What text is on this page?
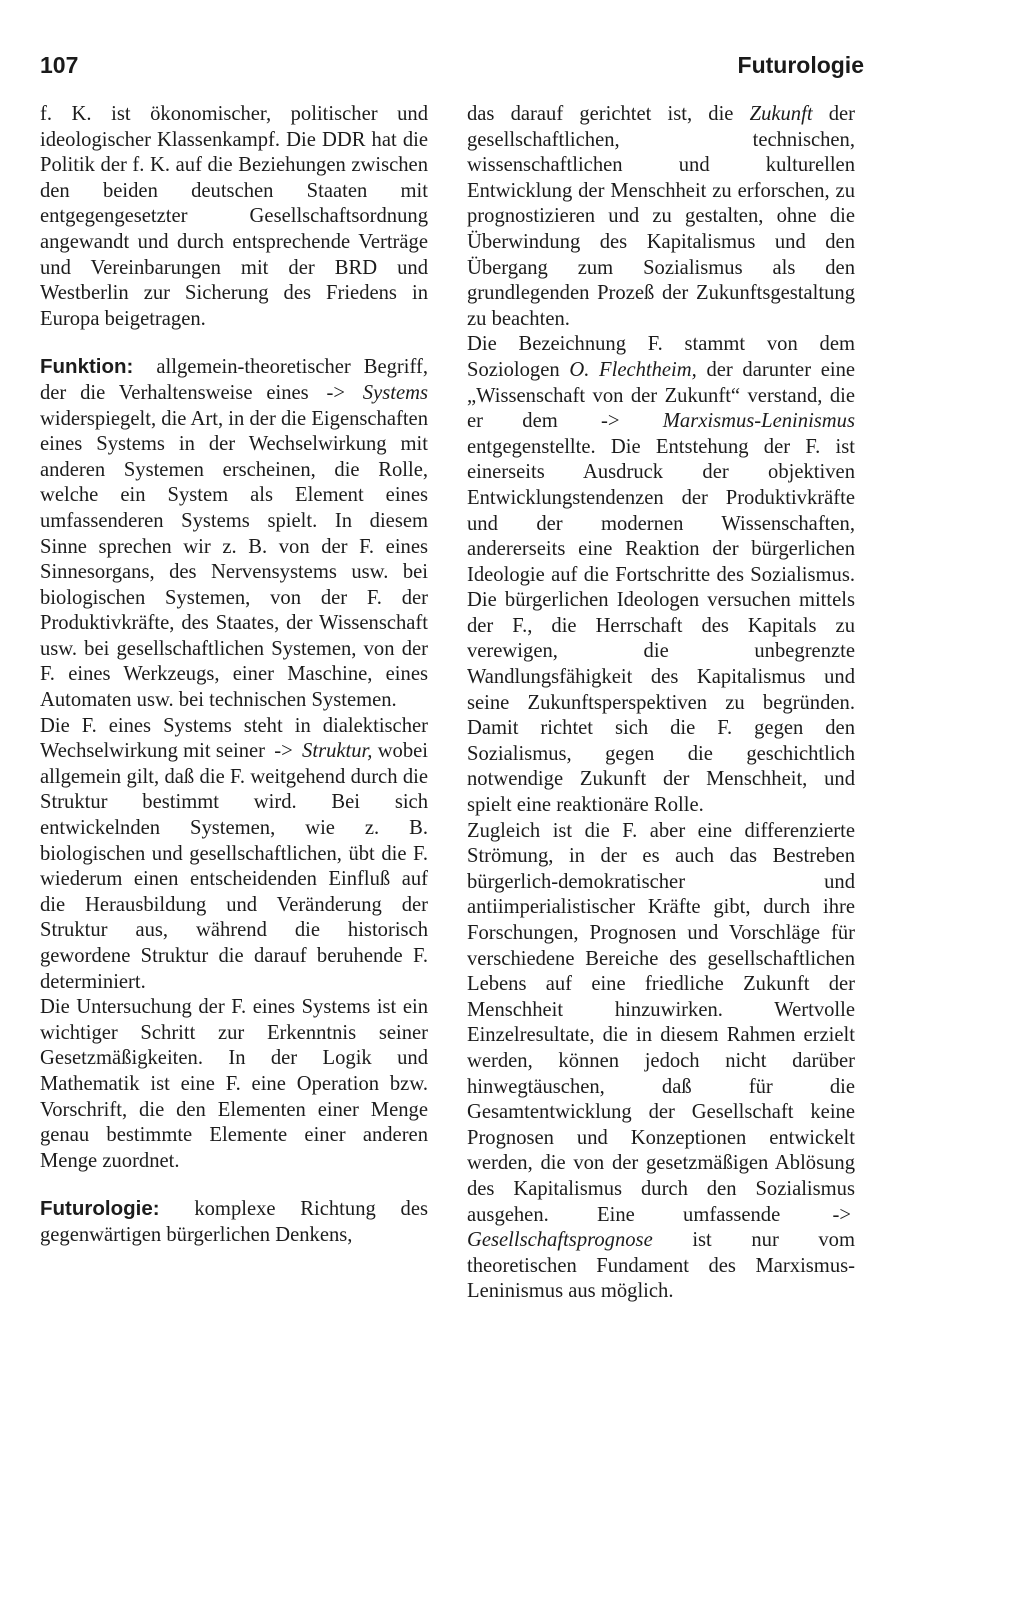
107	Futurologie

f. K. ist ökonomischer, politischer und ideologischer Klassenkampf. Die DDR hat die Politik der f. K. auf die Beziehungen zwischen den beiden deutschen Staaten mit entgegengesetzter Gesellschaftsordnung angewandt und durch entsprechende Verträge und Vereinbarungen mit der BRD und Westberlin zur Sicherung des Friedens in Europa beigetragen.

Funktion: allgemein-theoretischer Begriff, der die Verhaltensweise eines -> Systems widerspiegelt, die Art, in der die Eigenschaften eines Systems in der Wechselwirkung mit anderen Systemen erscheinen, die Rolle, welche ein System als Element eines umfassenderen Systems spielt. In diesem Sinne sprechen wir z. B. von der F. eines Sinnesorgans, des Nervensystems usw. bei biologischen Systemen, von der F. der Produktivkräfte, des Staates, der Wissenschaft usw. bei gesellschaftlichen Systemen, von der F. eines Werkzeugs, einer Maschine, eines Automaten usw. bei technischen Systemen.

Die F. eines Systems steht in dialektischer Wechselwirkung mit seiner -> Struktur, wobei allgemein gilt, daß die F. weitgehend durch die Struktur bestimmt wird. Bei sich entwickelnden Systemen, wie z. B. biologischen und gesellschaftlichen, übt die F. wiederum einen entscheidenden Einfluß auf die Herausbildung und Veränderung der Struktur aus, während die historisch gewordene Struktur die darauf beruhende F. determiniert.

Die Untersuchung der F. eines Systems ist ein wichtiger Schritt zur Erkenntnis seiner Gesetzmäßigkeiten. In der Logik und Mathematik ist eine F. eine Operation bzw. Vorschrift, die den Elementen einer Menge genau bestimmte Elemente einer anderen Menge zuordnet.

Futurologie: komplexe Richtung des gegenwärtigen bürgerlichen Denkens,

das darauf gerichtet ist, die Zukunft der gesellschaftlichen, technischen, wissenschaftlichen und kulturellen Entwicklung der Menschheit zu erforschen, zu prognostizieren und zu gestalten, ohne die Überwindung des Kapitalismus und den Übergang zum Sozialismus als den grundlegenden Prozeß der Zukunftsgestaltung zu beachten.

Die Bezeichnung F. stammt von dem Soziologen O. Flechtheim, der darunter eine „Wissenschaft von der Zukunft“ verstand, die er dem -> Marxismus-Leninismus entgegenstellte. Die Entstehung der F. ist einerseits Ausdruck der objektiven Entwicklungstendenzen der Produktivkräfte und der modernen Wissenschaften, andererseits eine Reaktion der bürgerlichen Ideologie auf die Fortschritte des Sozialismus. Die bürgerlichen Ideologen versuchen mittels der F., die Herrschaft des Kapitals zu verewigen, die unbegrenzte Wandlungsfähigkeit des Kapitalismus und seine Zukunftsperspektiven zu begründen. Damit richtet sich die F. gegen den Sozialismus, gegen die geschichtlich notwendige Zukunft der Menschheit, und spielt eine reaktionäre Rolle.

Zugleich ist die F. aber eine differenzierte Strömung, in der es auch das Bestreben bürgerlich-demokratischer und antiimperialistischer Kräfte gibt, durch ihre Forschungen, Prognosen und Vorschläge für verschiedene Bereiche des gesellschaftlichen Lebens auf eine friedliche Zukunft der Menschheit hinzuwirken. Wertvolle Einzelresultate, die in diesem Rahmen erzielt werden, können jedoch nicht darüber hinwegtäuschen, daß für die Gesamtentwicklung der Gesellschaft keine Prognosen und Konzeptionen entwickelt werden, die von der gesetzmäßigen Ablösung des Kapitalismus durch den Sozialismus ausgehen. Eine umfassende	-> Gesellschaftsprognose ist nur vom theoretischen Fundament des Marxismus-Leninismus aus möglich.
